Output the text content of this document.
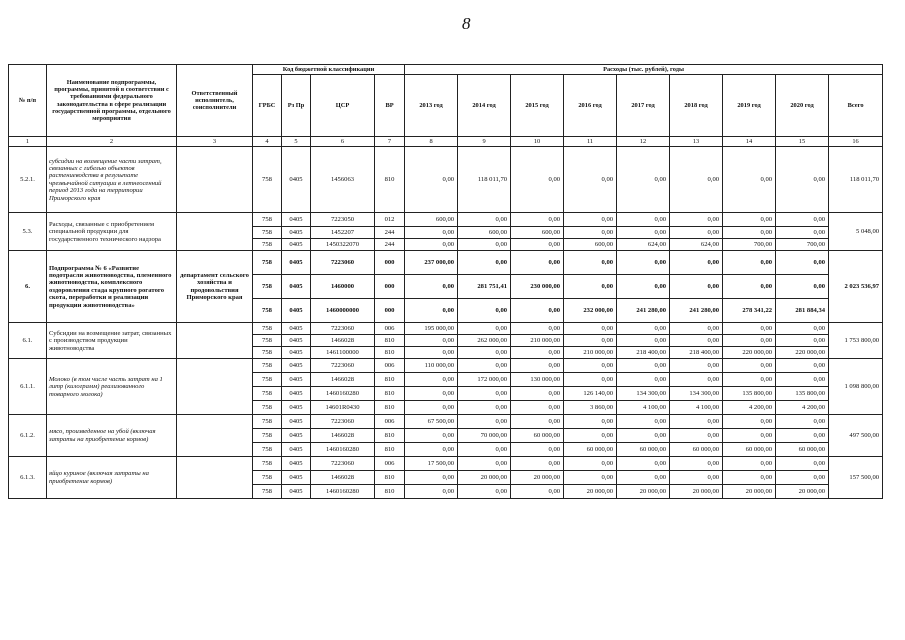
8
№ п/п	Наименование подпрограммы, программы, принятой в соответствии с требованиями федерального законодательства в сфере реализации государственной программы, отдельного мероприятия	Ответственный исполнитель, соисполнители	Код бюджетной классификации				Расходы (тыс. рублей), годы								
			ГРБС	Рз Пр	ЦСР	ВР	2013 год	2014 год	2015 год	2016 год	2017 год	2018 год	2019 год	2020 год	Всего
1	2	3	4	5	6	7	8	9	10	11	12	13	14	15	16
5.2.1.	субсидии на возмещение части затрат, связанных с гибелью объектов растениеводства в результате чрезвычайной ситуации в летнеосенний период 2013 года на территории Приморского края		758	0405	1456063	810	0,00	118 011,70	0,00	0,00	0,00	0,00	0,00	0,00	118 011,70
5.3.	Расходы, связанные с приобретением специальной продукции для государственного технического надзора		758	0405	7223050	012	600,00	0,00	0,00	0,00	0,00	0,00	0,00	0,00	5 048,00
			758	0405	1452207	244	0,00	600,00	600,00	0,00	0,00	0,00	0,00	0,00	
			758	0405	1450322070	244	0,00	0,00	0,00	600,00	624,00	624,00	700,00	700,00	
6.	Подпрограмма № 6 «Развитие подотрасли животноводства, племенного животноводства, комплексного оздоровления стада крупного рогатого скота, переработки и реализации продукции животноводства»	департамент сельского хозяйства и продовольствия Приморского края	758	0405	7223060	000	237 000,00	0,00	0,00	0,00	0,00	0,00	0,00	0,00	2 023 536,97
			758	0405	1460000	000	0,00	281 751,41	230 000,00	0,00	0,00	0,00	0,00	0,00	
			758	0405	1460000000	000	0,00	0,00	0,00	232 000,00	241 280,00	241 280,00	278 341,22	281 884,34	
6.1.	Субсидии на возмещение затрат, связанных с производством продукции животноводства		758	0405	7223060	006	195 000,00	0,00	0,00	0,00	0,00	0,00	0,00	0,00	1 753 800,00
			758	0405	1466028	810	0,00	262 000,00	210 000,00	0,00	0,00	0,00	0,00	0,00	
			758	0405	1461100000	810	0,00	0,00	0,00	210 000,00	218 400,00	218 400,00	220 000,00	220 000,00	
6.1.1.	Молоко (в том числе часть затрат на 1 литр (килограмм) реализованного товарного молока)		758	0405	7223060	006	110 000,00	0,00	0,00	0,00	0,00	0,00	0,00	0,00	1 098 800,00
			758	0405	1466028	810	0,00	172 000,00	130 000,00	0,00	0,00	0,00	0,00	0,00	
			758	0405	1460160280	810	0,00	0,00	0,00	126 140,00	134 300,00	134 300,00	135 800,00	135 800,00	
			758	0405	14601R0430	810	0,00	0,00	0,00	3 860,00	4 100,00	4 100,00	4 200,00	4 200,00	
6.1.2.	мясо, произведенное на убой (включая затраты на приобретение кормов)		758	0405	7223060	006	67 500,00	0,00	0,00	0,00	0,00	0,00	0,00	0,00	497 500,00
			758	0405	1466028	810	0,00	70 000,00	60 000,00	0,00	0,00	0,00	0,00	0,00	
			758	0405	1460160280	810	0,00	0,00	0,00	60 000,00	60 000,00	60 000,00	60 000,00	60 000,00	
6.1.3.	яйцо куриное (включая затраты на приобретение кормов)		758	0405	7223060	006	17 500,00	0,00	0,00	0,00	0,00	0,00	0,00	0,00	157 500,00
			758	0405	1466028	810	0,00	20 000,00	20 000,00	0,00	0,00	0,00	0,00	0,00	
			758	0405	1460160280	810	0,00	0,00	0,00	20 000,00	20 000,00	20 000,00	20 000,00	20 000,00	
